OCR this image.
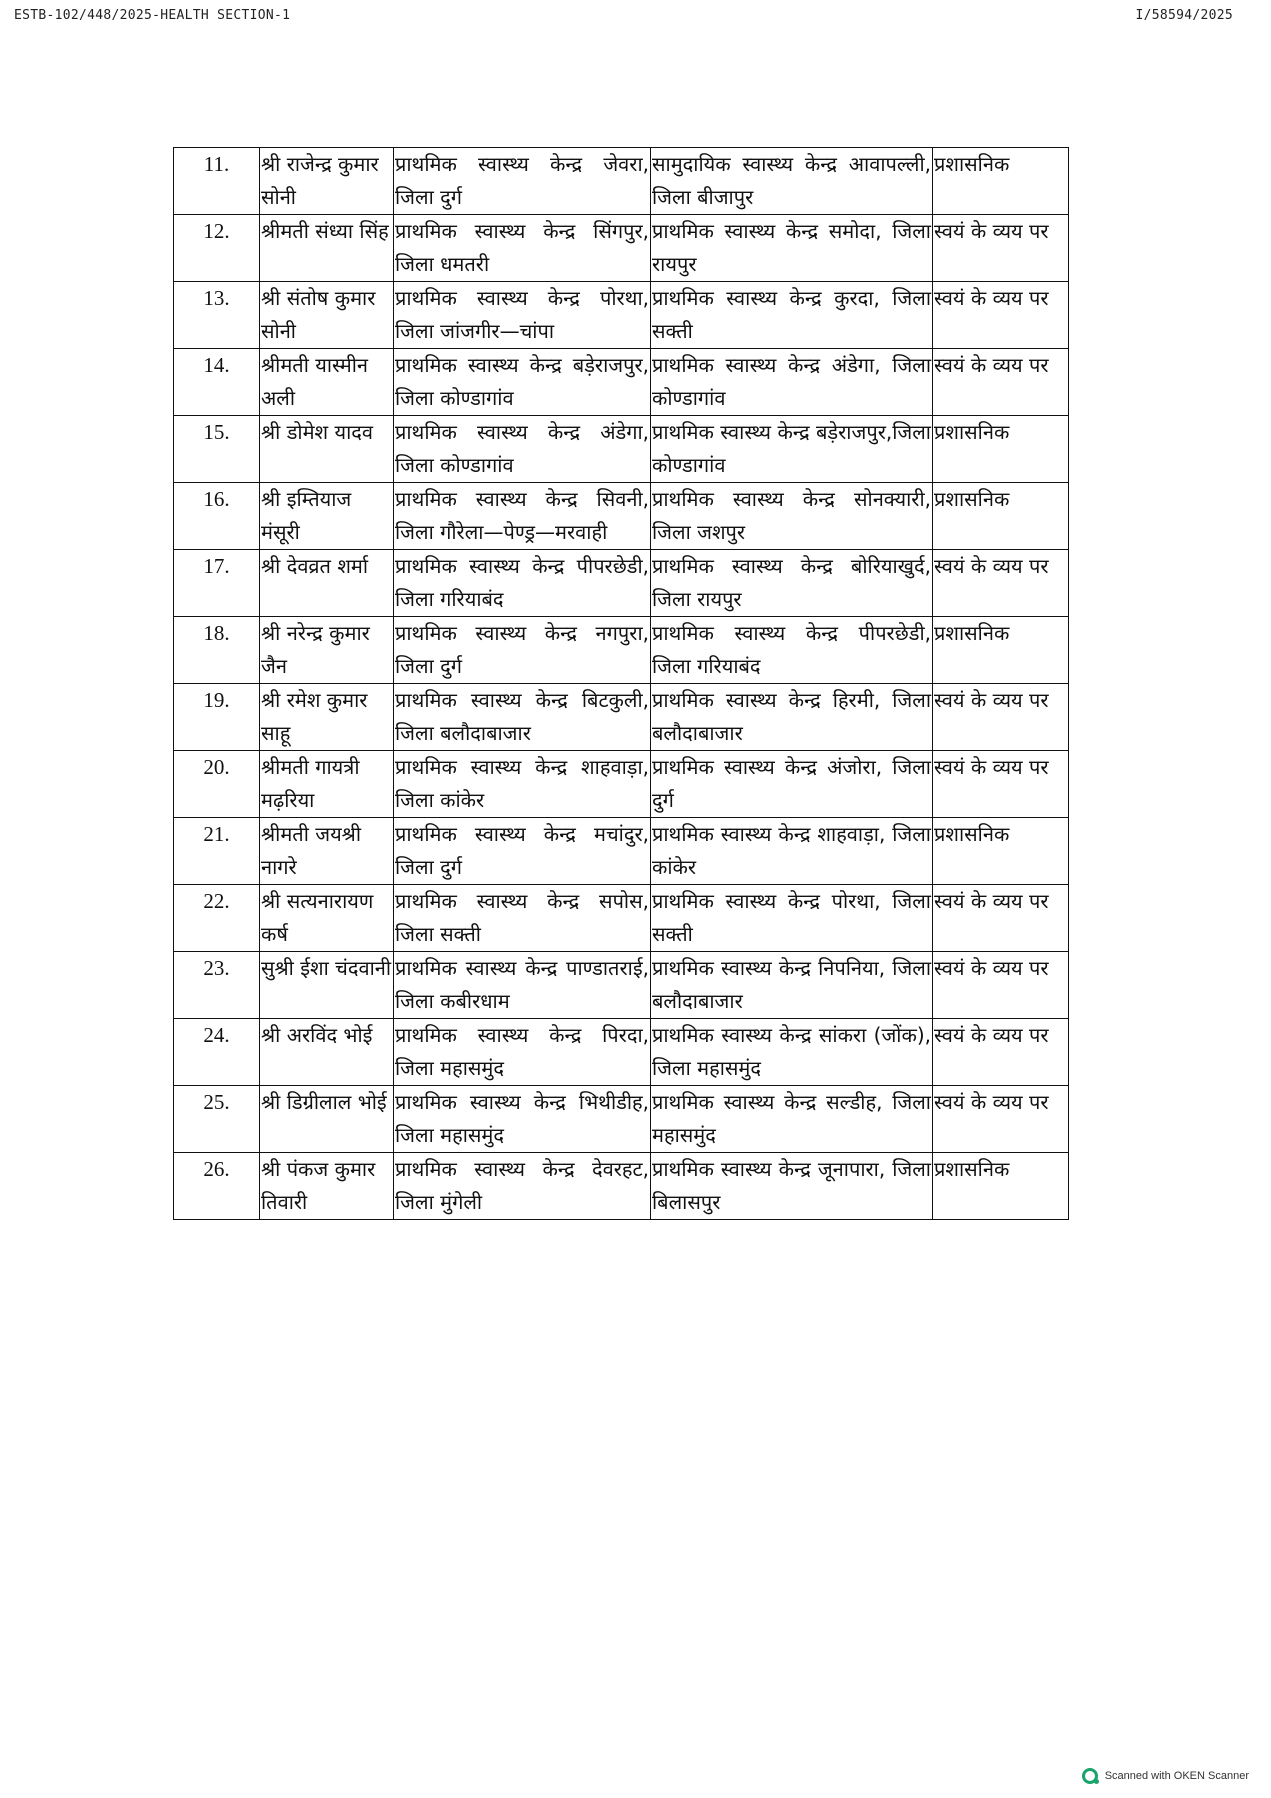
ESTB-102/448/2025-HEALTH SECTION-1	I/58594/2025
11.	श्री राजेन्द्र कुमार सोनी	प्राथमिक स्वास्थ्य केन्द्र जेवरा, जिला दुर्ग	सामुदायिक स्वास्थ्य केन्द्र आवापल्ली, जिला बीजापुर	प्रशासनिक
12.	श्रीमती संध्या सिंह	प्राथमिक स्वास्थ्य केन्द्र सिंगपुर, जिला धमतरी	प्राथमिक स्वास्थ्य केन्द्र समोदा, जिला रायपुर	स्वयं के व्यय पर
13.	श्री संतोष कुमार सोनी	प्राथमिक स्वास्थ्य केन्द्र पोरथा, जिला जांजगीर—चांपा	प्राथमिक स्वास्थ्य केन्द्र कुरदा, जिला सक्ती	स्वयं के व्यय पर
14.	श्रीमती यास्मीन अली	प्राथमिक स्वास्थ्य केन्द्र बड़ेराजपुर, जिला कोण्डागांव	प्राथमिक स्वास्थ्य केन्द्र अंडेगा, जिला कोण्डागांव	स्वयं के व्यय पर
15.	श्री डोमेश यादव	प्राथमिक स्वास्थ्य केन्द्र अंडेगा, जिला कोण्डागांव	प्राथमिक स्वास्थ्य केन्द्र बड़ेराजपुर,जिला कोण्डागांव	प्रशासनिक
16.	श्री इम्तियाज मंसूरी	प्राथमिक स्वास्थ्य केन्द्र सिवनी, जिला गौरेला—पेण्ड्र—मरवाही	प्राथमिक स्वास्थ्य केन्द्र सोनक्यारी, जिला जशपुर	प्रशासनिक
17.	श्री देवव्रत शर्मा	प्राथमिक स्वास्थ्य केन्द्र पीपरछेडी, जिला गरियाबंद	प्राथमिक स्वास्थ्य केन्द्र बोरियाखुर्द, जिला रायपुर	स्वयं के व्यय पर
18.	श्री नरेन्द्र कुमार जैन	प्राथमिक स्वास्थ्य केन्द्र नगपुरा, जिला दुर्ग	प्राथमिक स्वास्थ्य केन्द्र पीपरछेडी, जिला गरियाबंद	प्रशासनिक
19.	श्री रमेश कुमार साहू	प्राथमिक स्वास्थ्य केन्द्र बिटकुली, जिला बलौदाबाजार	प्राथमिक स्वास्थ्य केन्द्र हिरमी, जिला बलौदाबाजार	स्वयं के व्यय पर
20.	श्रीमती गायत्री मढ़रिया	प्राथमिक स्वास्थ्य केन्द्र शाहवाड़ा, जिला कांकेर	प्राथमिक स्वास्थ्य केन्द्र अंजोरा, जिला दुर्ग	स्वयं के व्यय पर
21.	श्रीमती जयश्री नागरे	प्राथमिक स्वास्थ्य केन्द्र मचांदुर, जिला दुर्ग	प्राथमिक स्वास्थ्य केन्द्र शाहवाड़ा, जिला कांकेर	प्रशासनिक
22.	श्री सत्यनारायण कर्ष	प्राथमिक स्वास्थ्य केन्द्र सपोस, जिला सक्ती	प्राथमिक स्वास्थ्य केन्द्र पोरथा, जिला सक्ती	स्वयं के व्यय पर
23.	सुश्री ईशा चंदवानी	प्राथमिक स्वास्थ्य केन्द्र पाण्डातराई, जिला कबीरधाम	प्राथमिक स्वास्थ्य केन्द्र निपनिया, जिला बलौदाबाजार	स्वयं के व्यय पर
24.	श्री अरविंद भोई	प्राथमिक स्वास्थ्य केन्द्र पिरदा, जिला महासमुंद	प्राथमिक स्वास्थ्य केन्द्र सांकरा (जोंक), जिला महासमुंद	स्वयं के व्यय पर
25.	श्री डिग्रीलाल भोई	प्राथमिक स्वास्थ्य केन्द्र भिथीडीह, जिला महासमुंद	प्राथमिक स्वास्थ्य केन्द्र सल्डीह, जिला महासमुंद	स्वयं के व्यय पर
26.	श्री पंकज कुमार तिवारी	प्राथमिक स्वास्थ्य केन्द्र देवरहट, जिला मुंगेली	प्राथमिक स्वास्थ्य केन्द्र जूनापारा, जिला बिलासपुर	प्रशासनिक
Scanned with OKEN Scanner
